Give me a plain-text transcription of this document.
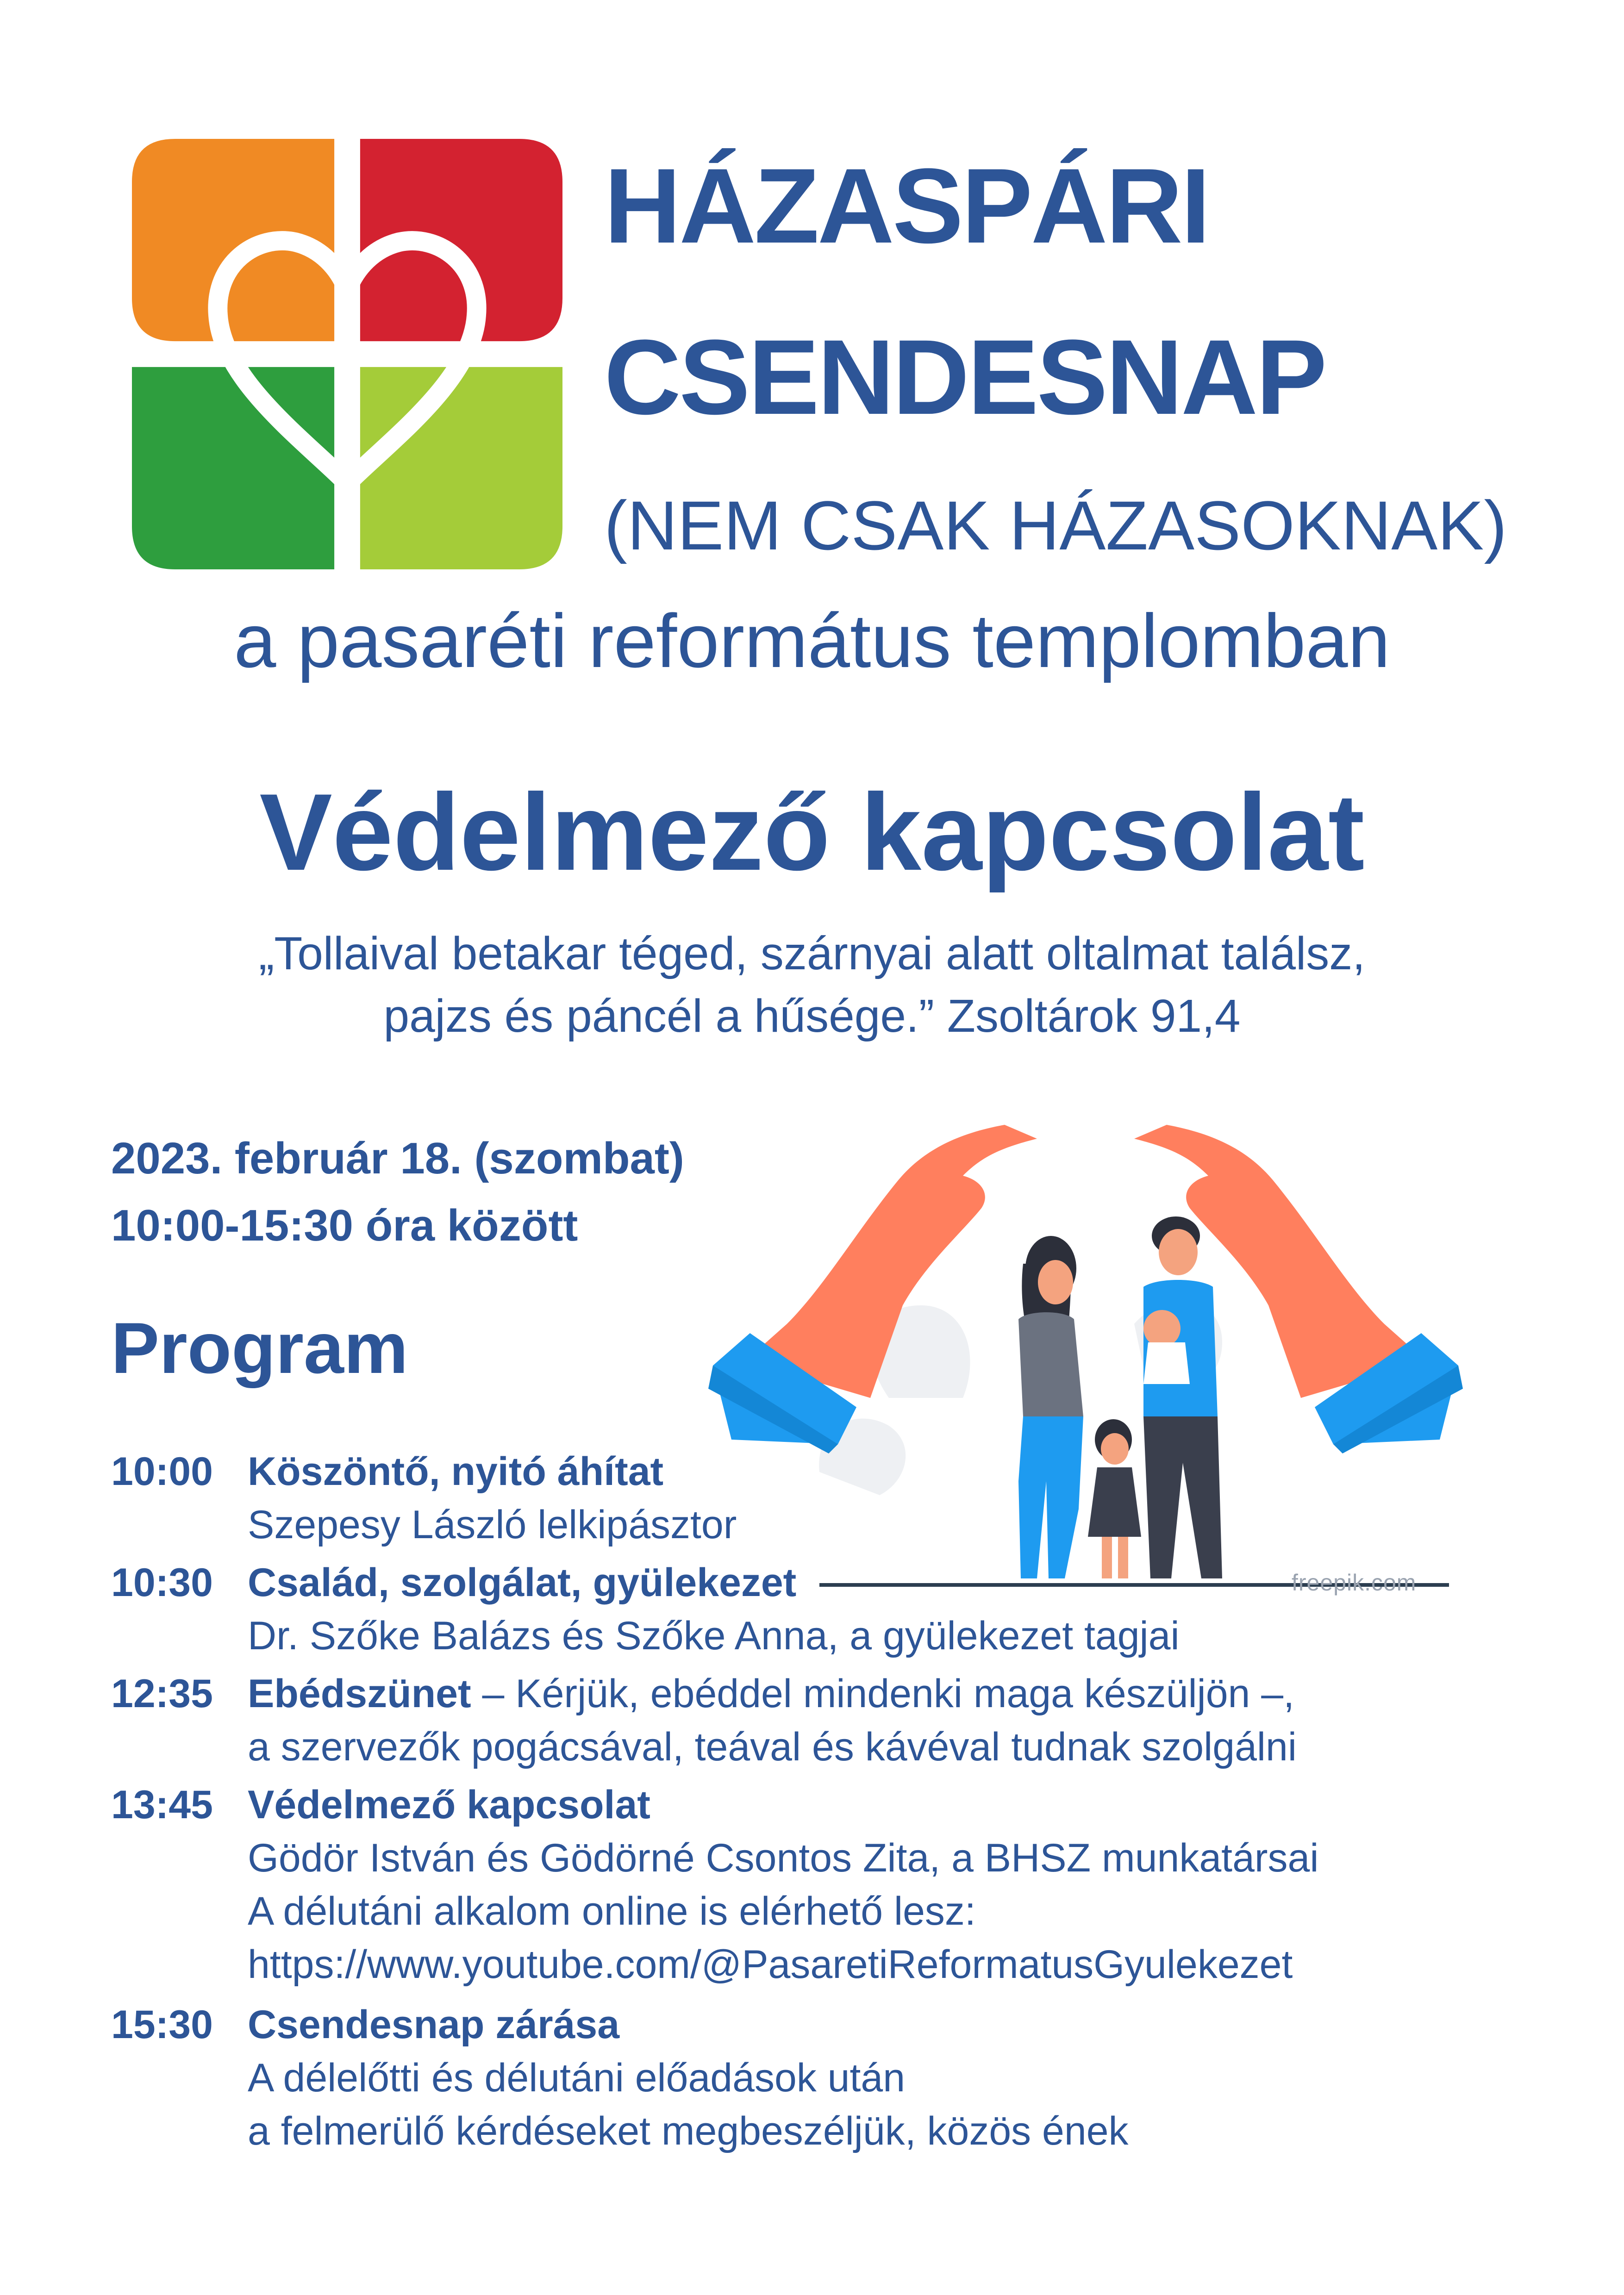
HÁZASPÁRI
CSENDESNAP
(NEM CSAK HÁZASOKNAK)
a pasaréti református templomban
Védelmező kapcsolat
„Tollaival betakar téged, szárnyai alatt oltalmat találsz,
pajzs és páncél a hűsége.” Zsoltárok 91,4
2023. február 18. (szombat)
10:00-15:30 óra között
Program
freepik.com
10:00 Köszöntő, nyitó áhítat
Szepesy László lelkipásztor
10:30 Család, szolgálat, gyülekezet
Dr. Szőke Balázs és Szőke Anna, a gyülekezet tagjai
12:35 Ebédszünet – Kérjük, ebéddel mindenki maga készüljön –,
a szervezők pogácsával, teával és kávéval tudnak szolgálni
13:45 Védelmező kapcsolat
Gödör István és Gödörné Csontos Zita, a BHSZ munkatársai
A délutáni alkalom online is elérhető lesz:
https://www.youtube.com/@PasaretiReformatusGyulekezet
15:30 Csendesnap zárása
A délelőtti és délutáni előadások után
a felmerülő kérdéseket megbeszéljük, közös ének
